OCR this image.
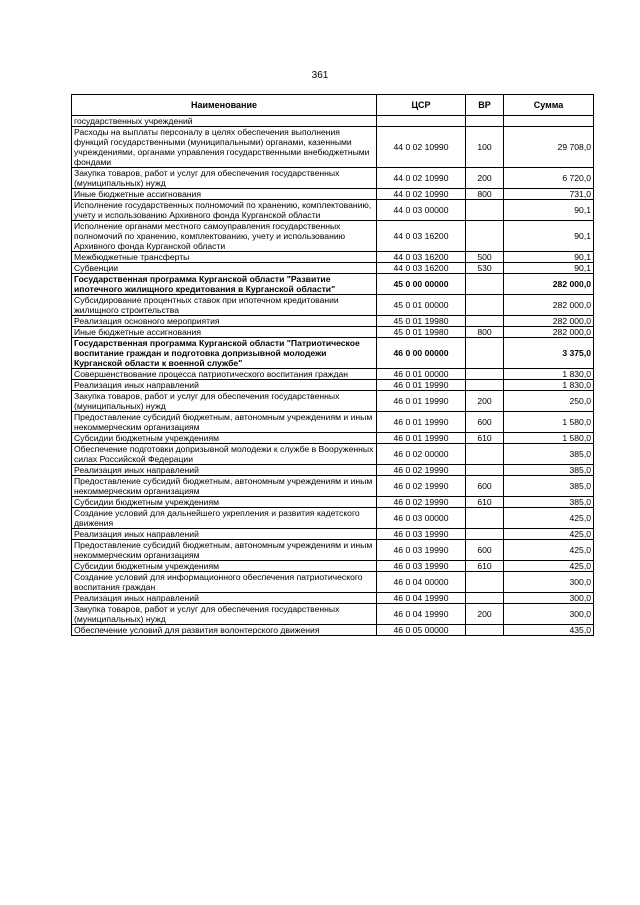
361
Наименование	ЦСР	ВР	Сумма
государственных учреждений			
Расходы на выплаты персоналу в целях обеспечения выполнения функций государственными (муниципальными) органами, казенными учреждениями, органами управления государственными внебюджетными фондами	44 0 02 10990	100	29 708,0
Закупка товаров, работ и услуг для обеспечения государственных (муниципальных) нужд	44 0 02 10990	200	6 720,0
Иные бюджетные ассигнования	44 0 02 10990	800	731,0
Исполнение государственных полномочий по хранению, комплектованию, учету и использованию Архивного фонда Курганской области	44 0 03 00000		90,1
Исполнение органами местного самоуправления государственных полномочий по хранению, комплектованию, учету и использованию Архивного фонда Курганской области	44 0 03 16200		90,1
Межбюджетные трансферты	44 0 03 16200	500	90,1
Субвенции	44 0 03 16200	530	90,1
Государственная программа Курганской области "Развитие ипотечного жилищного кредитования в Курганской области"	45 0 00 00000		282 000,0
Субсидирование процентных ставок при ипотечном кредитовании жилищного строительства	45 0 01 00000		282 000,0
Реализация основного мероприятия	45 0 01 19980		282 000,0
Иные бюджетные ассигнования	45 0 01 19980	800	282 000,0
Государственная программа Курганской области "Патриотическое воспитание граждан и подготовка допризывной молодежи Курганской области к военной службе"	46 0 00 00000		3 375,0
Совершенствование процесса патриотического воспитания граждан	46 0 01 00000		1 830,0
Реализация иных направлений	46 0 01 19990		1 830,0
Закупка товаров, работ и услуг для обеспечения государственных (муниципальных) нужд	46 0 01 19990	200	250,0
Предоставление субсидий бюджетным, автономным учреждениям и иным некоммерческим организациям	46 0 01 19990	600	1 580,0
Субсидии бюджетным учреждениям	46 0 01 19990	610	1 580,0
Обеспечение подготовки допризывной молодежи к службе в Вооруженных силах Российской Федерации	46 0 02 00000		385,0
Реализация иных направлений	46 0 02 19990		385,0
Предоставление субсидий бюджетным, автономным учреждениям и иным некоммерческим организациям	46 0 02 19990	600	385,0
Субсидии бюджетным учреждениям	46 0 02 19990	610	385,0
Создание условий для дальнейшего укрепления и развития кадетского движения	46 0 03 00000		425,0
Реализация иных направлений	46 0 03 19990		425,0
Предоставление субсидий бюджетным, автономным учреждениям и иным некоммерческим организациям	46 0 03 19990	600	425,0
Субсидии бюджетным учреждениям	46 0 03 19990	610	425,0
Создание условий для информационного обеспечения патриотического воспитания граждан	46 0 04 00000		300,0
Реализация иных направлений	46 0 04 19990		300,0
Закупка товаров, работ и услуг для обеспечения государственных (муниципальных) нужд	46 0 04 19990	200	300,0
Обеспечение условий для развития волонтерского движения	46 0 05 00000		435,0
